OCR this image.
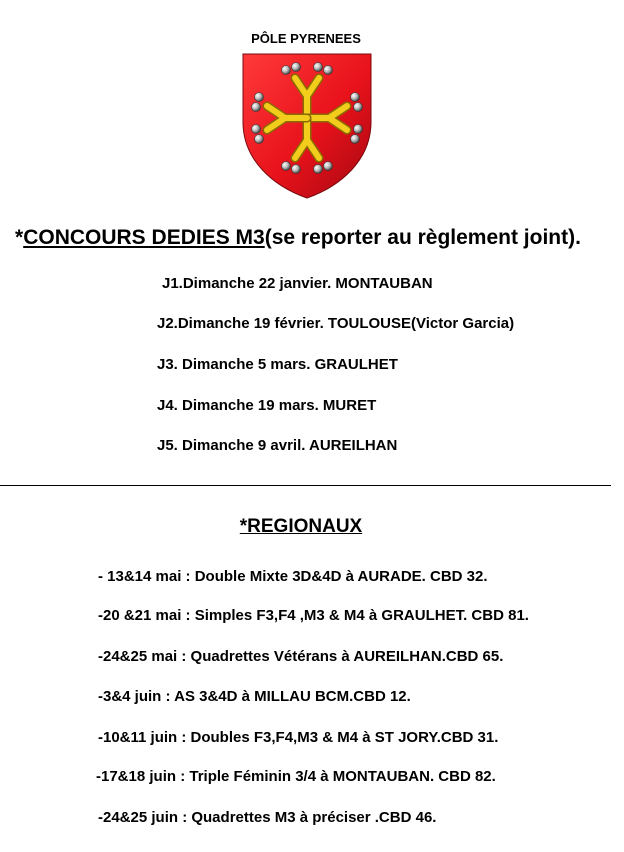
PÔLE PYRENEES
*CONCOURS DEDIES M3(se reporter au règlement joint).
J1.Dimanche 22 janvier. MONTAUBAN
J2.Dimanche 19 février. TOULOUSE(Victor Garcia)
J3. Dimanche 5 mars. GRAULHET
J4. Dimanche 19 mars. MURET
J5. Dimanche 9 avril. AUREILHAN
*REGIONAUX
- 13&14 mai : Double Mixte 3D&4D à AURADE. CBD 32.
-20 &21 mai : Simples F3,F4 ,M3 & M4 à GRAULHET. CBD 81.
-24&25 mai : Quadrettes Vétérans à AUREILHAN.CBD 65.
-3&4 juin : AS 3&4D à MILLAU BCM.CBD 12.
-10&11 juin : Doubles F3,F4,M3 & M4 à ST JORY.CBD 31.
-17&18 juin : Triple Féminin 3/4 à MONTAUBAN. CBD 82.
-24&25 juin : Quadrettes M3 à préciser .CBD 46.
